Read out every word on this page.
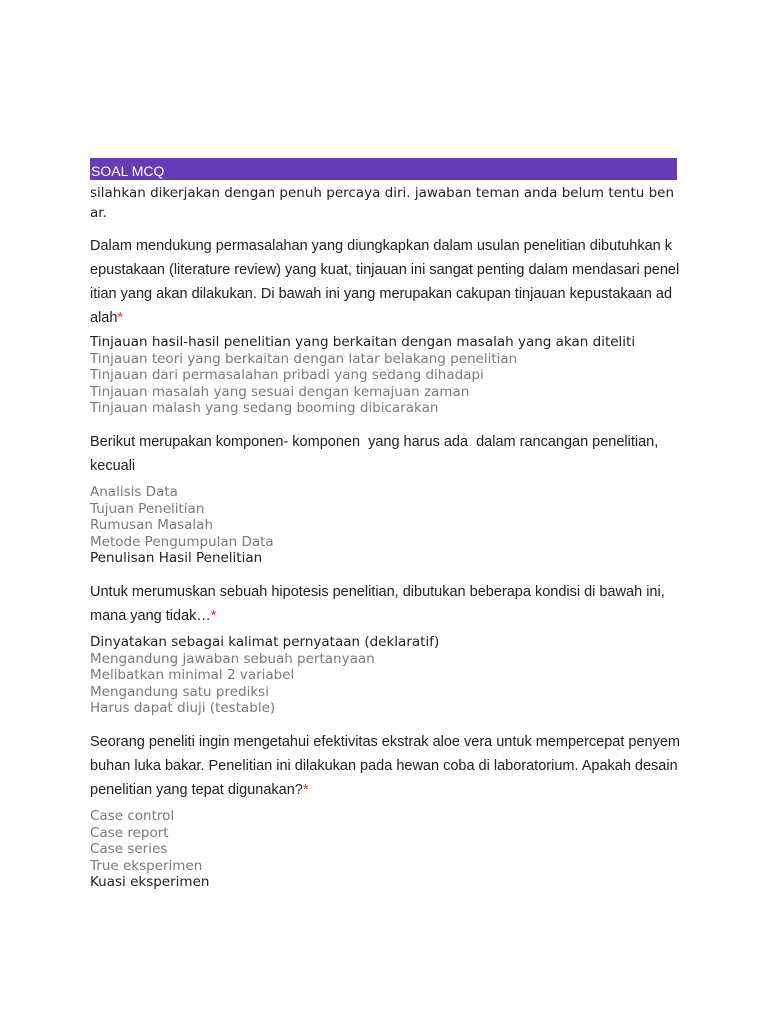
SOAL MCQ

silahkan dikerjakan dengan penuh percaya diri. jawaban teman anda belum tentu benar.

Dalam mendukung permasalahan yang diungkapkan dalam usulan penelitian dibutuhkan kepustakaan (literature review) yang kuat, tinjauan ini sangat penting dalam mendasari penelitian yang akan dilakukan. Di bawah ini yang merupakan cakupan tinjauan kepustakaan adalah*
Tinjauan hasil-hasil penelitian yang berkaitan dengan masalah yang akan diteliti
Tinjauan teori yang berkaitan dengan latar belakang penelitian
Tinjauan dari permasalahan pribadi yang sedang dihadapi
Tinjauan masalah yang sesuai dengan kemajuan zaman
Tinjauan malash yang sedang booming dibicarakan
Berikut merupakan komponen- komponen  yang harus ada  dalam rancangan penelitian,  kecuali
Analisis Data
Tujuan Penelitian
Rumusan Masalah
Metode Pengumpulan Data
Penulisan Hasil Penelitian
Untuk merumuskan sebuah hipotesis penelitian, dibutukan beberapa kondisi di bawah ini, mana yang tidak…*
Dinyatakan sebagai kalimat pernyataan (deklaratif)
Mengandung jawaban sebuah pertanyaan
Melibatkan minimal 2 variabel
Mengandung satu prediksi
Harus dapat diuji (testable)
Seorang peneliti ingin mengetahui efektivitas ekstrak aloe vera untuk mempercepat penyembuhan luka bakar. Penelitian ini dilakukan pada hewan coba di laboratorium. Apakah desain penelitian yang tepat digunakan?*
Case control
Case report
Case series
True eksperimen
Kuasi eksperimen
